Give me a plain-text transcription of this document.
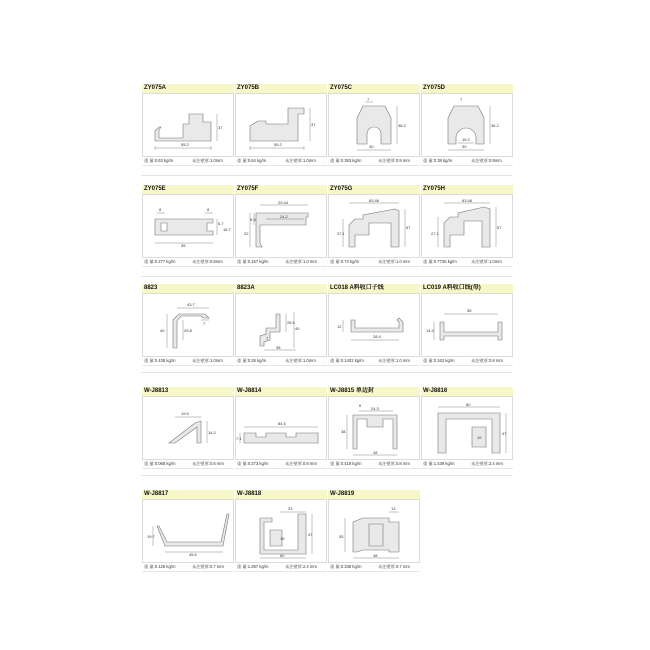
ZY075A
55.2
37
重 量:0.63 kg/m	未注壁厚:1.0mm
ZY075B
55.2
37
重 量:0.64 kg/m	未注壁厚:1.0mm
ZY075C
30
7
36.2
重 量:0.383 kg/m	未注壁厚:0.9 mm
ZY075D
30
7
15.2
36.2
重 量:0.38 kg/m	未注壁厚:0.9mm
ZY075E
35
8	8
6.7
16.7
重 量:0.277 kg/m	未注壁厚:0.8mm
ZY075F
29.44
24.2
22
9.5
重 量:0.157 kg/m	未注壁厚:1.0 mm
ZY075G
63.46
27.1
57
重 量:0.73 kg/m	未注壁厚:1.0 mm
ZY075H
63.46
27.1
57
重 量:0.7735 kg/m	未注壁厚:1.0mm
8823
43.7
7
29.8
40
重 量:0.438 kg/m	未注壁厚:1.0mm
8823A
28.5
40
38
7
重 量:0.28 kg/m	未注壁厚:1.0mm
LC018 A料收口子线
12
28.4
重 量:0.1402 kg/m	未注壁厚:1.0 mm
LC019 A料收口线(母)
35
14.2
重 量:0.162 kg/m	未注壁厚:0.8 mm
W-J8813
19.5
14.2
重 量:0.068 kg/m	未注壁厚:0.6 mm
W-J8814
84.5
7.1
重 量:0.273 kg/m	未注壁厚:0.8 mm
W-J8815 单边封
38
48
24.3
6
重 量:0.418 kg/m	未注壁厚:0.8 mm
W-J8816
80
47
19
重 量:1.439 kg/m	未注壁厚:2.4 mm
W-J8817
19.7
45.5
重 量:0.126 kg/m	未注壁厚:0.7 mm
W-J8818
33
19
47
60
重 量:1.287 kg/m	未注壁厚:2.4 mm
W-J8819
13
35
48
重 量:0.338 kg/m	未注壁厚:0.7 mm
